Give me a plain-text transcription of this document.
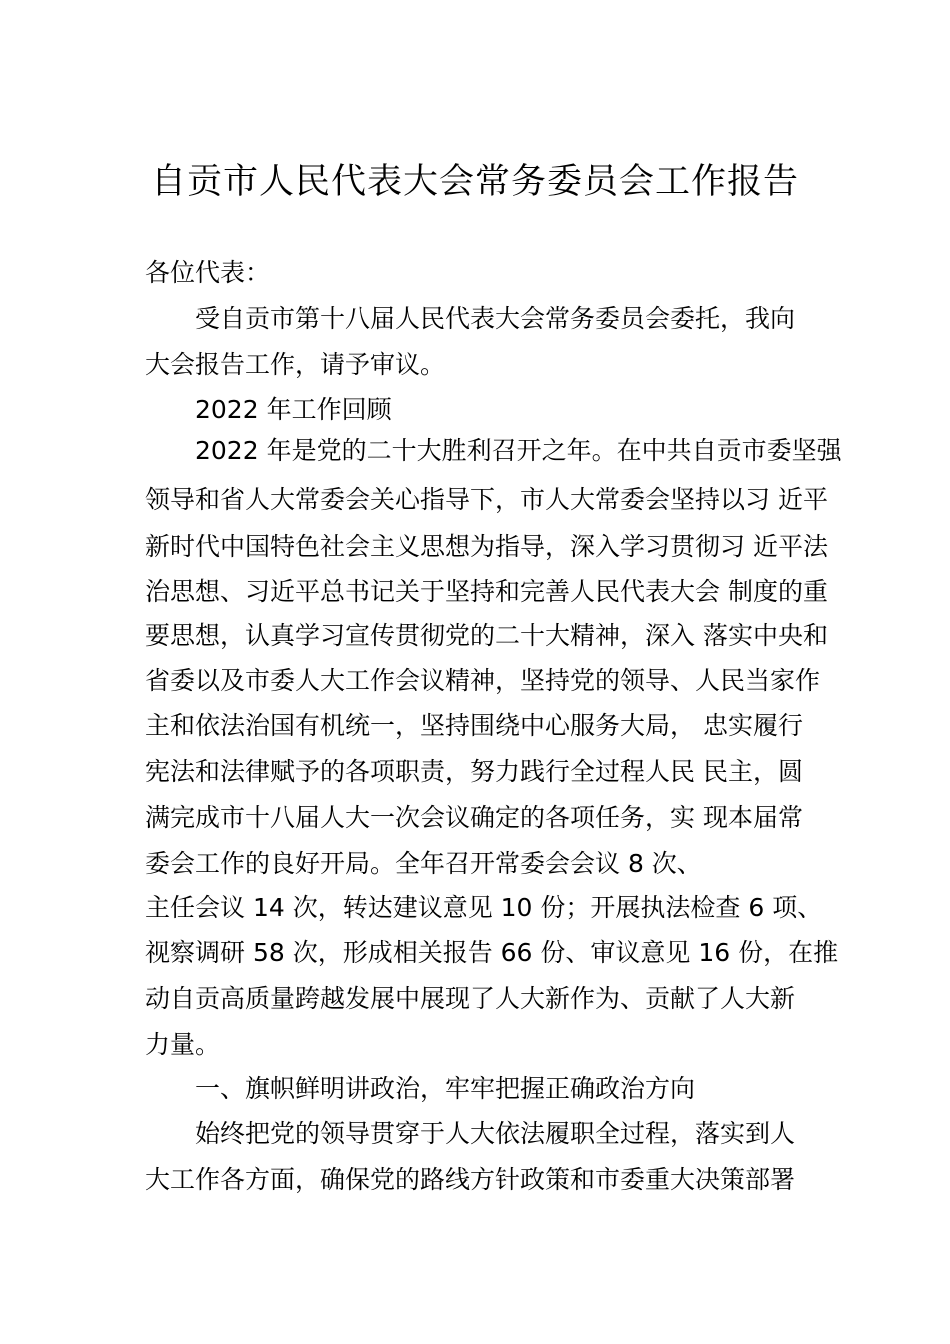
自贡市人民代表大会常务委员会工作报告
各位代表：
受自贡市第十八届人民代表大会常务委员会委托，我向
大会报告工作，请予审议。
2022 年工作回顾
2022 年是党的二十大胜利召开之年。在中共自贡市委坚强
领导和省人大常委会关心指导下，市人大常委会坚持以习 近平
新时代中国特色社会主义思想为指导，深入学习贯彻习 近平法
治思想、习近平总书记关于坚持和完善人民代表大会 制度的重
要思想，认真学习宣传贯彻党的二十大精神，深入 落实中央和
省委以及市委人大工作会议精神，坚持党的领导、人民当家作
主和依法治国有机统一，坚持围绕中心服务大局， 忠实履行
宪法和法律赋予的各项职责，努力践行全过程人民 民主，圆
满完成市十八届人大一次会议确定的各项任务，实 现本届常
委会工作的良好开局。全年召开常委会会议 8 次、
主任会议 14 次，转达建议意见 10 份；开展执法检查 6 项、
视察调研 58 次，形成相关报告 66 份、审议意见 16 份，在推
动自贡高质量跨越发展中展现了人大新作为、贡献了人大新
力量。
一、旗帜鲜明讲政治，牢牢把握正确政治方向
始终把党的领导贯穿于人大依法履职全过程，落实到人
大工作各方面，确保党的路线方针政策和市委重大决策部署
